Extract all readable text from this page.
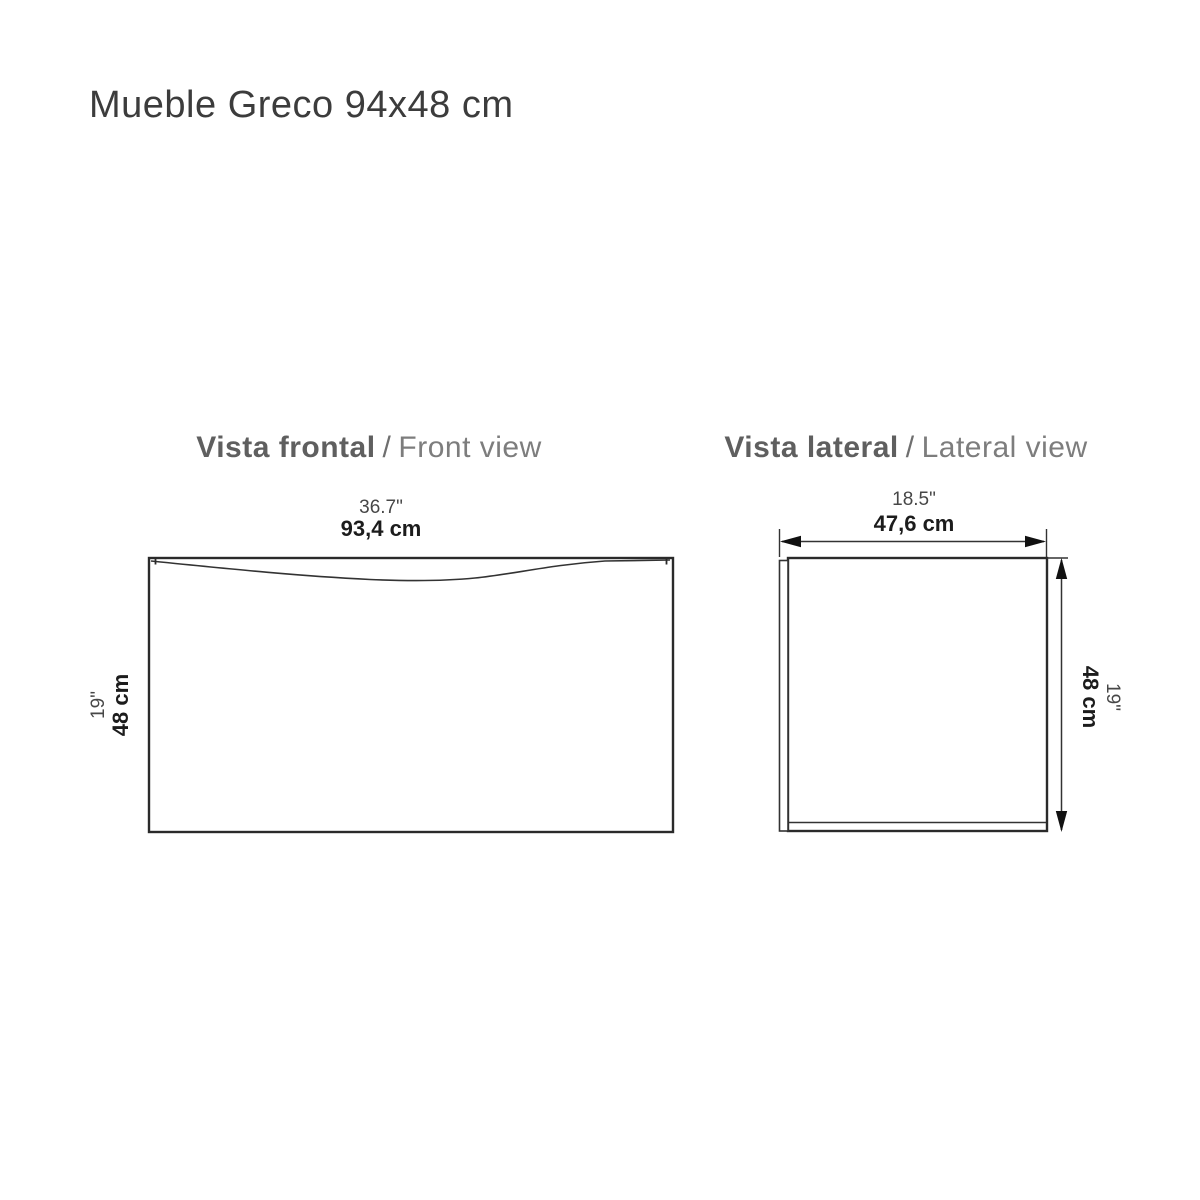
Mueble Greco 94x48 cm
Vista frontal / Front view	Vista lateral / Lateral view
36.7"
93,4 cm
19" 48 cm
18.5"
47,6 cm
19"
48 cm
